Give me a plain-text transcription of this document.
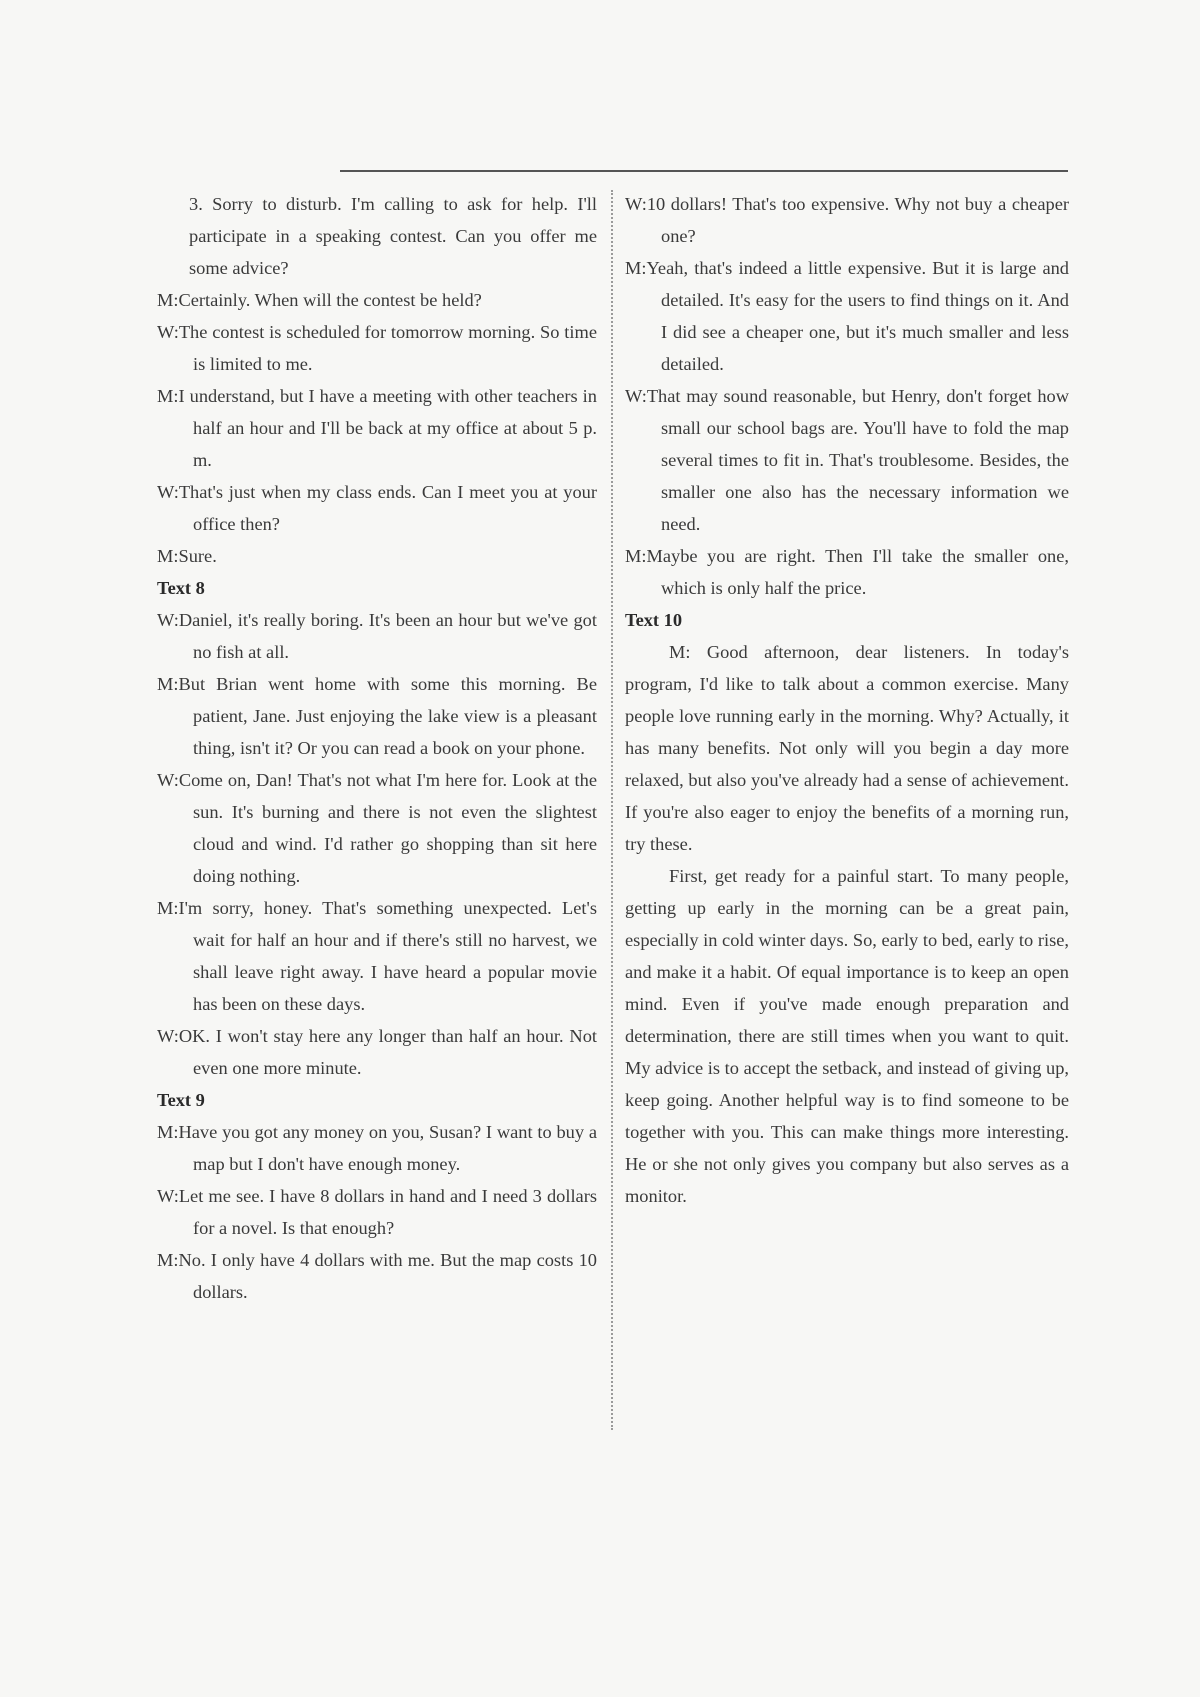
3. Sorry to disturb. I'm calling to ask for help. I'll participate in a speaking contest. Can you offer me some advice?

M:Certainly. When will the contest be held?

W:The contest is scheduled for tomorrow morning. So time is limited to me.

M:I understand, but I have a meeting with other teachers in half an hour and I'll be back at my office at about 5 p. m.

W:That's just when my class ends. Can I meet you at your office then?

M:Sure.

Text 8

W:Daniel, it's really boring. It's been an hour but we've got no fish at all.

M:But Brian went home with some this morning. Be patient, Jane. Just enjoying the lake view is a pleasant thing, isn't it? Or you can read a book on your phone.

W:Come on, Dan! That's not what I'm here for. Look at the sun. It's burning and there is not even the slightest cloud and wind. I'd rather go shopping than sit here doing nothing.

M:I'm sorry, honey. That's something unexpected. Let's wait for half an hour and if there's still no harvest, we shall leave right away. I have heard a popular movie has been on these days.

W:OK. I won't stay here any longer than half an hour. Not even one more minute.

Text 9

M:Have you got any money on you, Susan? I want to buy a map but I don't have enough money.

W:Let me see. I have 8 dollars in hand and I need 3 dollars for a novel. Is that enough?

M:No. I only have 4 dollars with me. But the map costs 10 dollars.

W:10 dollars! That's too expensive. Why not buy a cheaper one?

M:Yeah, that's indeed a little expensive. But it is large and detailed. It's easy for the users to find things on it. And I did see a cheaper one, but it's much smaller and less detailed.

W:That may sound reasonable, but Henry, don't forget how small our school bags are. You'll have to fold the map several times to fit in. That's troublesome. Besides, the smaller one also has the necessary information we need.

M:Maybe you are right. Then I'll take the smaller one, which is only half the price.

Text 10

M: Good afternoon, dear listeners. In today's program, I'd like to talk about a common exercise. Many people love running early in the morning. Why? Actually, it has many benefits. Not only will you begin a day more relaxed, but also you've already had a sense of achievement. If you're also eager to enjoy the benefits of a morning run, try these.

First, get ready for a painful start. To many people, getting up early in the morning can be a great pain, especially in cold winter days. So, early to bed, early to rise, and make it a habit. Of equal importance is to keep an open mind. Even if you've made enough preparation and determination, there are still times when you want to quit. My advice is to accept the setback, and instead of giving up, keep going. Another helpful way is to find someone to be together with you. This can make things more interesting. He or she not only gives you company but also serves as a monitor.
